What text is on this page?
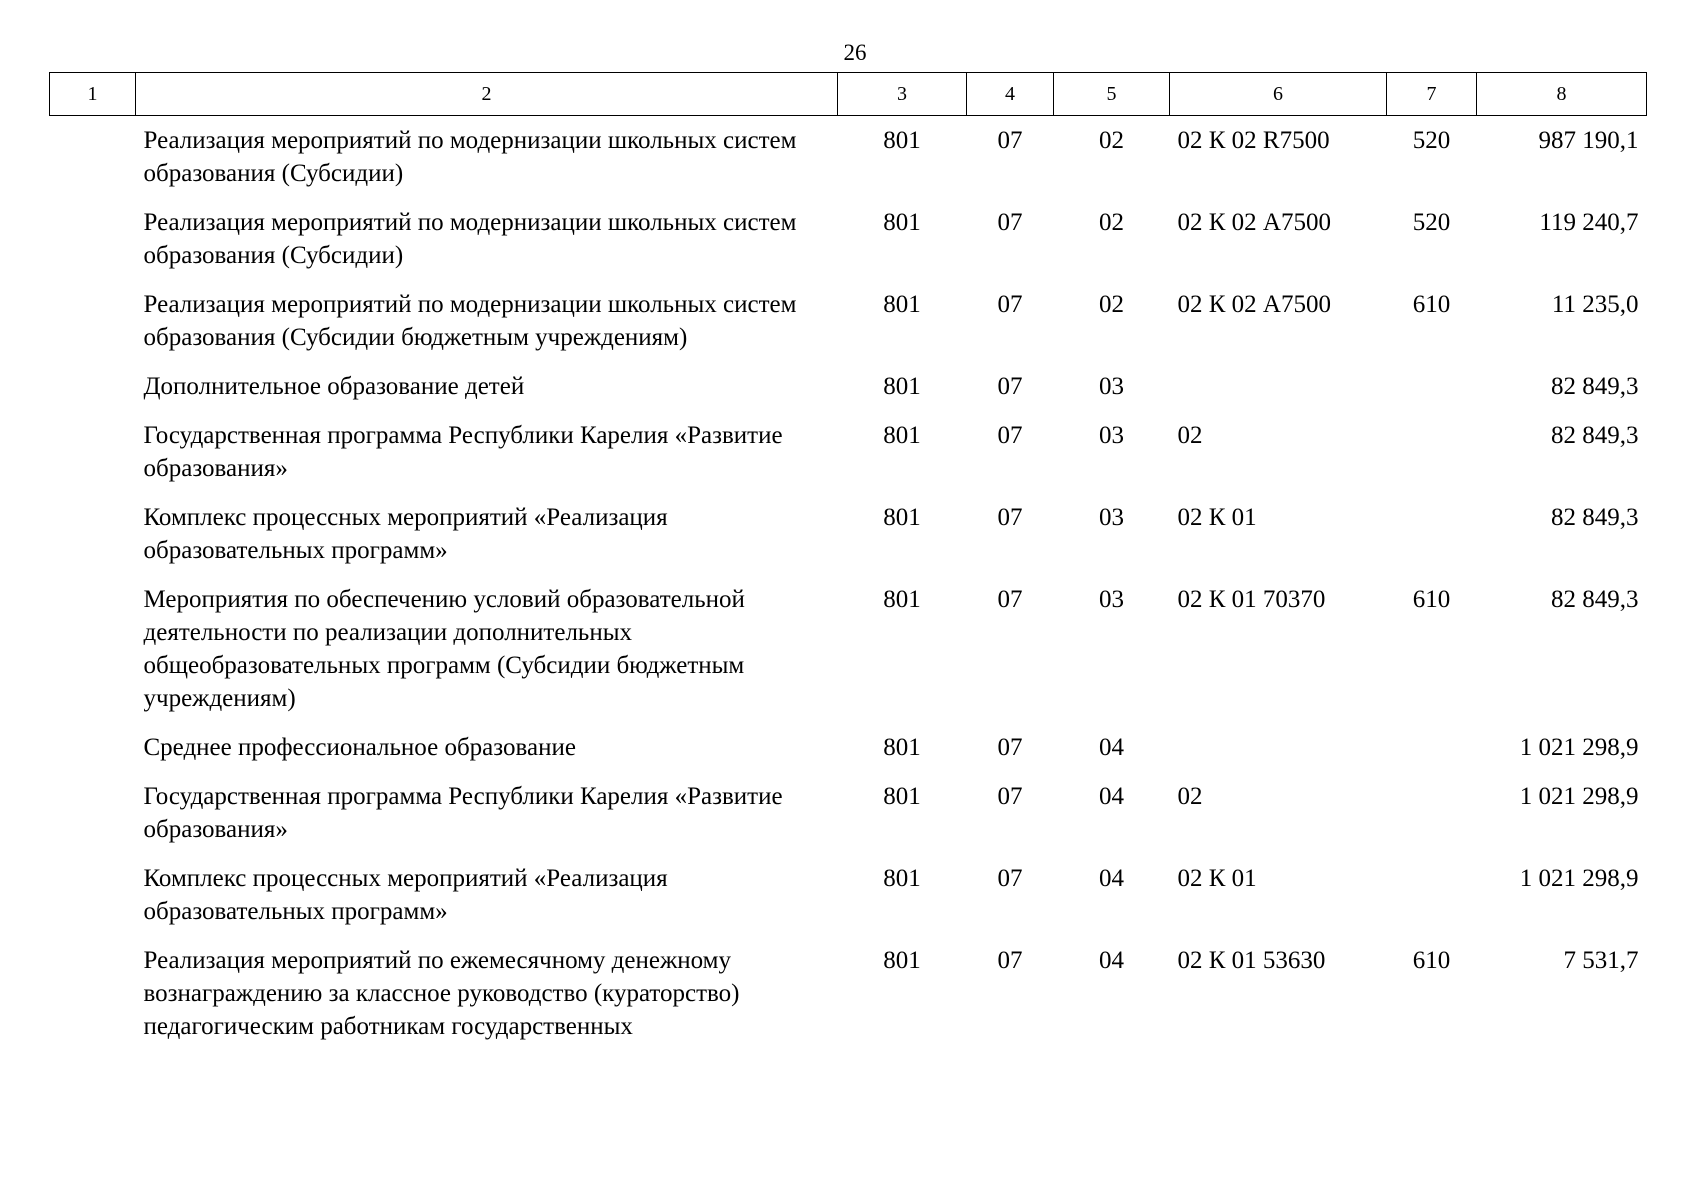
26
1	2	3	4	5	6	7	8
	Реализация мероприятий по модернизации школьных систем образования (Субсидии)	801	07	02	02 К 02 R7500	520	987 190,1
	Реализация мероприятий по модернизации школьных систем образования (Субсидии)	801	07	02	02 К 02 А7500	520	119 240,7
	Реализация мероприятий по модернизации школьных систем образования (Субсидии бюджетным учреждениям)	801	07	02	02 К 02 А7500	610	11 235,0
	Дополнительное образование детей	801	07	03			82 849,3
	Государственная программа Республики Карелия «Развитие образования»	801	07	03	02		82 849,3
	Комплекс процессных мероприятий «Реализация образовательных программ»	801	07	03	02 К 01		82 849,3
	Мероприятия по обеспечению условий образовательной деятельности по реализации дополнительных общеобразовательных программ (Субсидии бюджетным учреждениям)	801	07	03	02 К 01 70370	610	82 849,3
	Среднее профессиональное образование	801	07	04			1 021 298,9
	Государственная программа Республики Карелия «Развитие образования»	801	07	04	02		1 021 298,9
	Комплекс процессных мероприятий «Реализация образовательных программ»	801	07	04	02 К 01		1 021 298,9
	Реализация мероприятий по ежемесячному денежному вознаграждению за классное руководство (кураторство) педагогическим работникам государственных	801	07	04	02 К 01 53630	610	7 531,7
